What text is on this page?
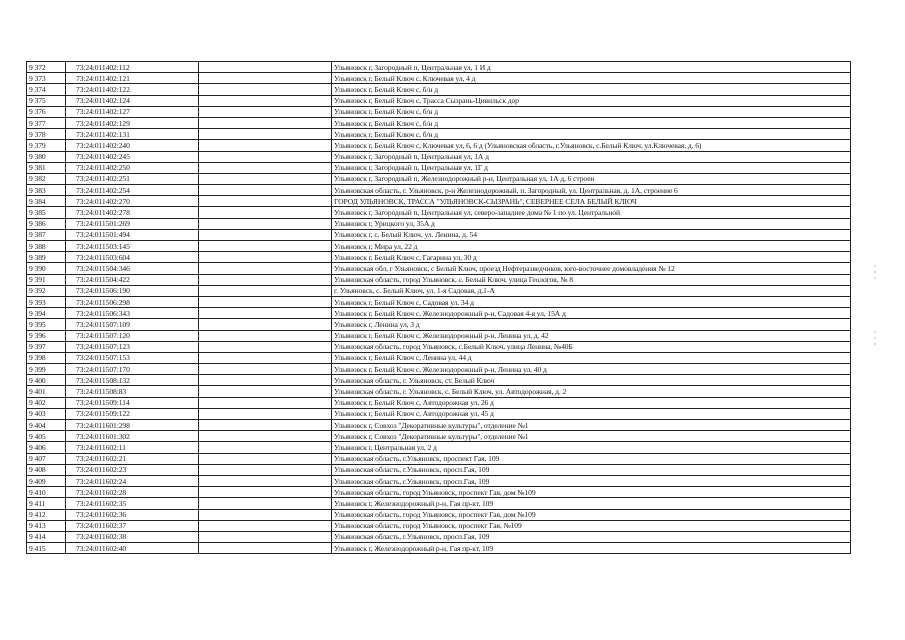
9 372	73:24:011402:112		Ульяновск г, Загородный п, Центральная ул, 1 И д
9 373	73:24:011402:121		Ульяновск г, Белый Ключ с, Ключевая ул, 4 д
9 374	73:24:011402:122		Ульяновск г, Белый Ключ с, б/н д
9 375	73:24:011402:124		Ульяновск г, Белый Ключ с, Трасса Сызрань-Цивильск дор
9 376	73:24:011402:127		Ульяновск г, Белый Ключ с, б/н д
9 377	73:24:011402:129		Ульяновск г, Белый Ключ с, б/н д
9 378	73:24:011402:131		Ульяновск г, Белый Ключ с, б/н д
9 379	73:24:011402:240		Ульяновск г, Белый Ключ с, Ключевая ул, 6, 6 д (Ульяновская область, г.Ульяновск, с.Белый Ключ, ул.Ключевая, д. 6)
9 380	73:24:011402:245		Ульяновск г, Загородный п, Центральная ул, 1А д
9 381	73:24:011402:250		Ульяновск г, Загородный п, Центральная ул, 1Г д
9 382	73:24:011402:251		Ульяновск г, Загородный п, Железнодорожный р-н, Центральная ул, 1А д, 6 строен
9 383	73:24:011402:254		Ульяновская область, г. Ульяновск, р-н Железнодорожный, п. Загородный, ул. Центральная, д. 1А, строение 6
9 384	73:24:011402:270		ГОРОД УЛЬЯНОВСК, ТРАССА "УЛЬЯНОВСК-СЫЗРАНЬ", СЕВЕРНЕЕ СЕЛА БЕЛЫЙ КЛЮЧ
9 385	73:24:011402:278		Ульяновск г, Загородный п, Центральная ул, северо-западнее дома № 1 по ул. Центральной
9 386	73:24:011501:269		Ульяновск г, Урицкого ул, 35А д
9 387	73:24:011501:494		Ульяновск г, с. Белый Ключ, ул. Ленина, д. 54
9 388	73:24:011503:145		Ульяновск г, Мира ул, 22 д
9 389	73:24:011503:604		Ульяновск г, Белый Ключ с, Гагарина ул, 30 д
9 390	73:24:011504:346		Ульяновская обл, г Ульяновск, с Белый Ключ, проезд Нефтеразведчиков, юго-восточнее домовладения № 12
9 391	73:24:011504:422		Ульяновская область, город Ульяновск, с. Белый Ключ, улица Геологов, № 8
9 392	73:24:011506:190		г. Ульяновск, с. Белый Ключ, ул. 1-я Садовая, д.1-А
9 393	73:24:011506:298		Ульяновск г, Белый Ключ с, Садовая ул, 34 д
9 394	73:24:011506:343		Ульяновск г, Белый Ключ с, Железнодорожный р-н, Садовая 4-я ул, 15А д
9 395	73:24:011507:109		Ульяновск г, Ленина ул, 3 д
9 396	73:24:011507:120		Ульяновск г, Белый Ключ с, Железнодорожный р-н, Ленина ул, д. 42
9 397	73:24:011507:123		Ульяновская область, город Ульяновск, с.Белый Ключ, улица Ленина, №40Б
9 398	73:24:011507:153		Ульяновск г, Белый Ключ с, Ленина ул, 44 д
9 399	73:24:011507:170		Ульяновск г, Белый Ключ с, Железнодорожный р-н, Ленина ул, 40 д
9 400	73:24:011508:132		Ульяновская область, г. Ульяновск, ст. Белый Ключ
9 401	73:24:011508:83		Ульяновская область, г. Ульяновск, с. Белый Ключ, ул. Автодорожная, д. 2
9 402	73:24:011509:114		Ульяновск г, Белый Ключ с, Автодорожная ул, 26 д
9 403	73:24:011509:122		Ульяновск г, Белый Ключ с, Автодорожная ул, 45 д
9 404	73:24:011601:298		Ульяновск г, Совхоз "Декоративные культуры", отделение №1
9 405	73:24:011601:302		Ульяновск г, Совхоз "Декоративные культуры", отделение №1
9 406	73:24:011602:11		Ульяновск г, Центральная ул, 2 д
9 407	73:24:011602:21		Ульяновская область, г.Ульяновск, проспект Гая, 109
9 408	73:24:011602:23		Ульяновская область, г.Ульяновск, просп.Гая, 109
9 409	73:24:011602:24		Ульяновская область, г.Ульяновск, просп.Гая, 109
9 410	73:24:011602:28		Ульяновская область, город Ульяновск, проспект Гая, дом №109
9 411	73:24:011602:35		Ульяновск г, Железнодорожный р-н, Гая пр-кт, 109
9 412	73:24:011602:36		Ульяновская область, город Ульяновск, проспект Гая, дом №109
9 413	73:24:011602:37		Ульяновская область, город Ульяновск, проспект Гая, №109
9 414	73:24:011602:38		Ульяновская область, г.Ульяновск, просп.Гая, 109
9 415	73:24:011602:40		Ульяновск г, Железнодорожный р-н, Гая пр-кт, 109
